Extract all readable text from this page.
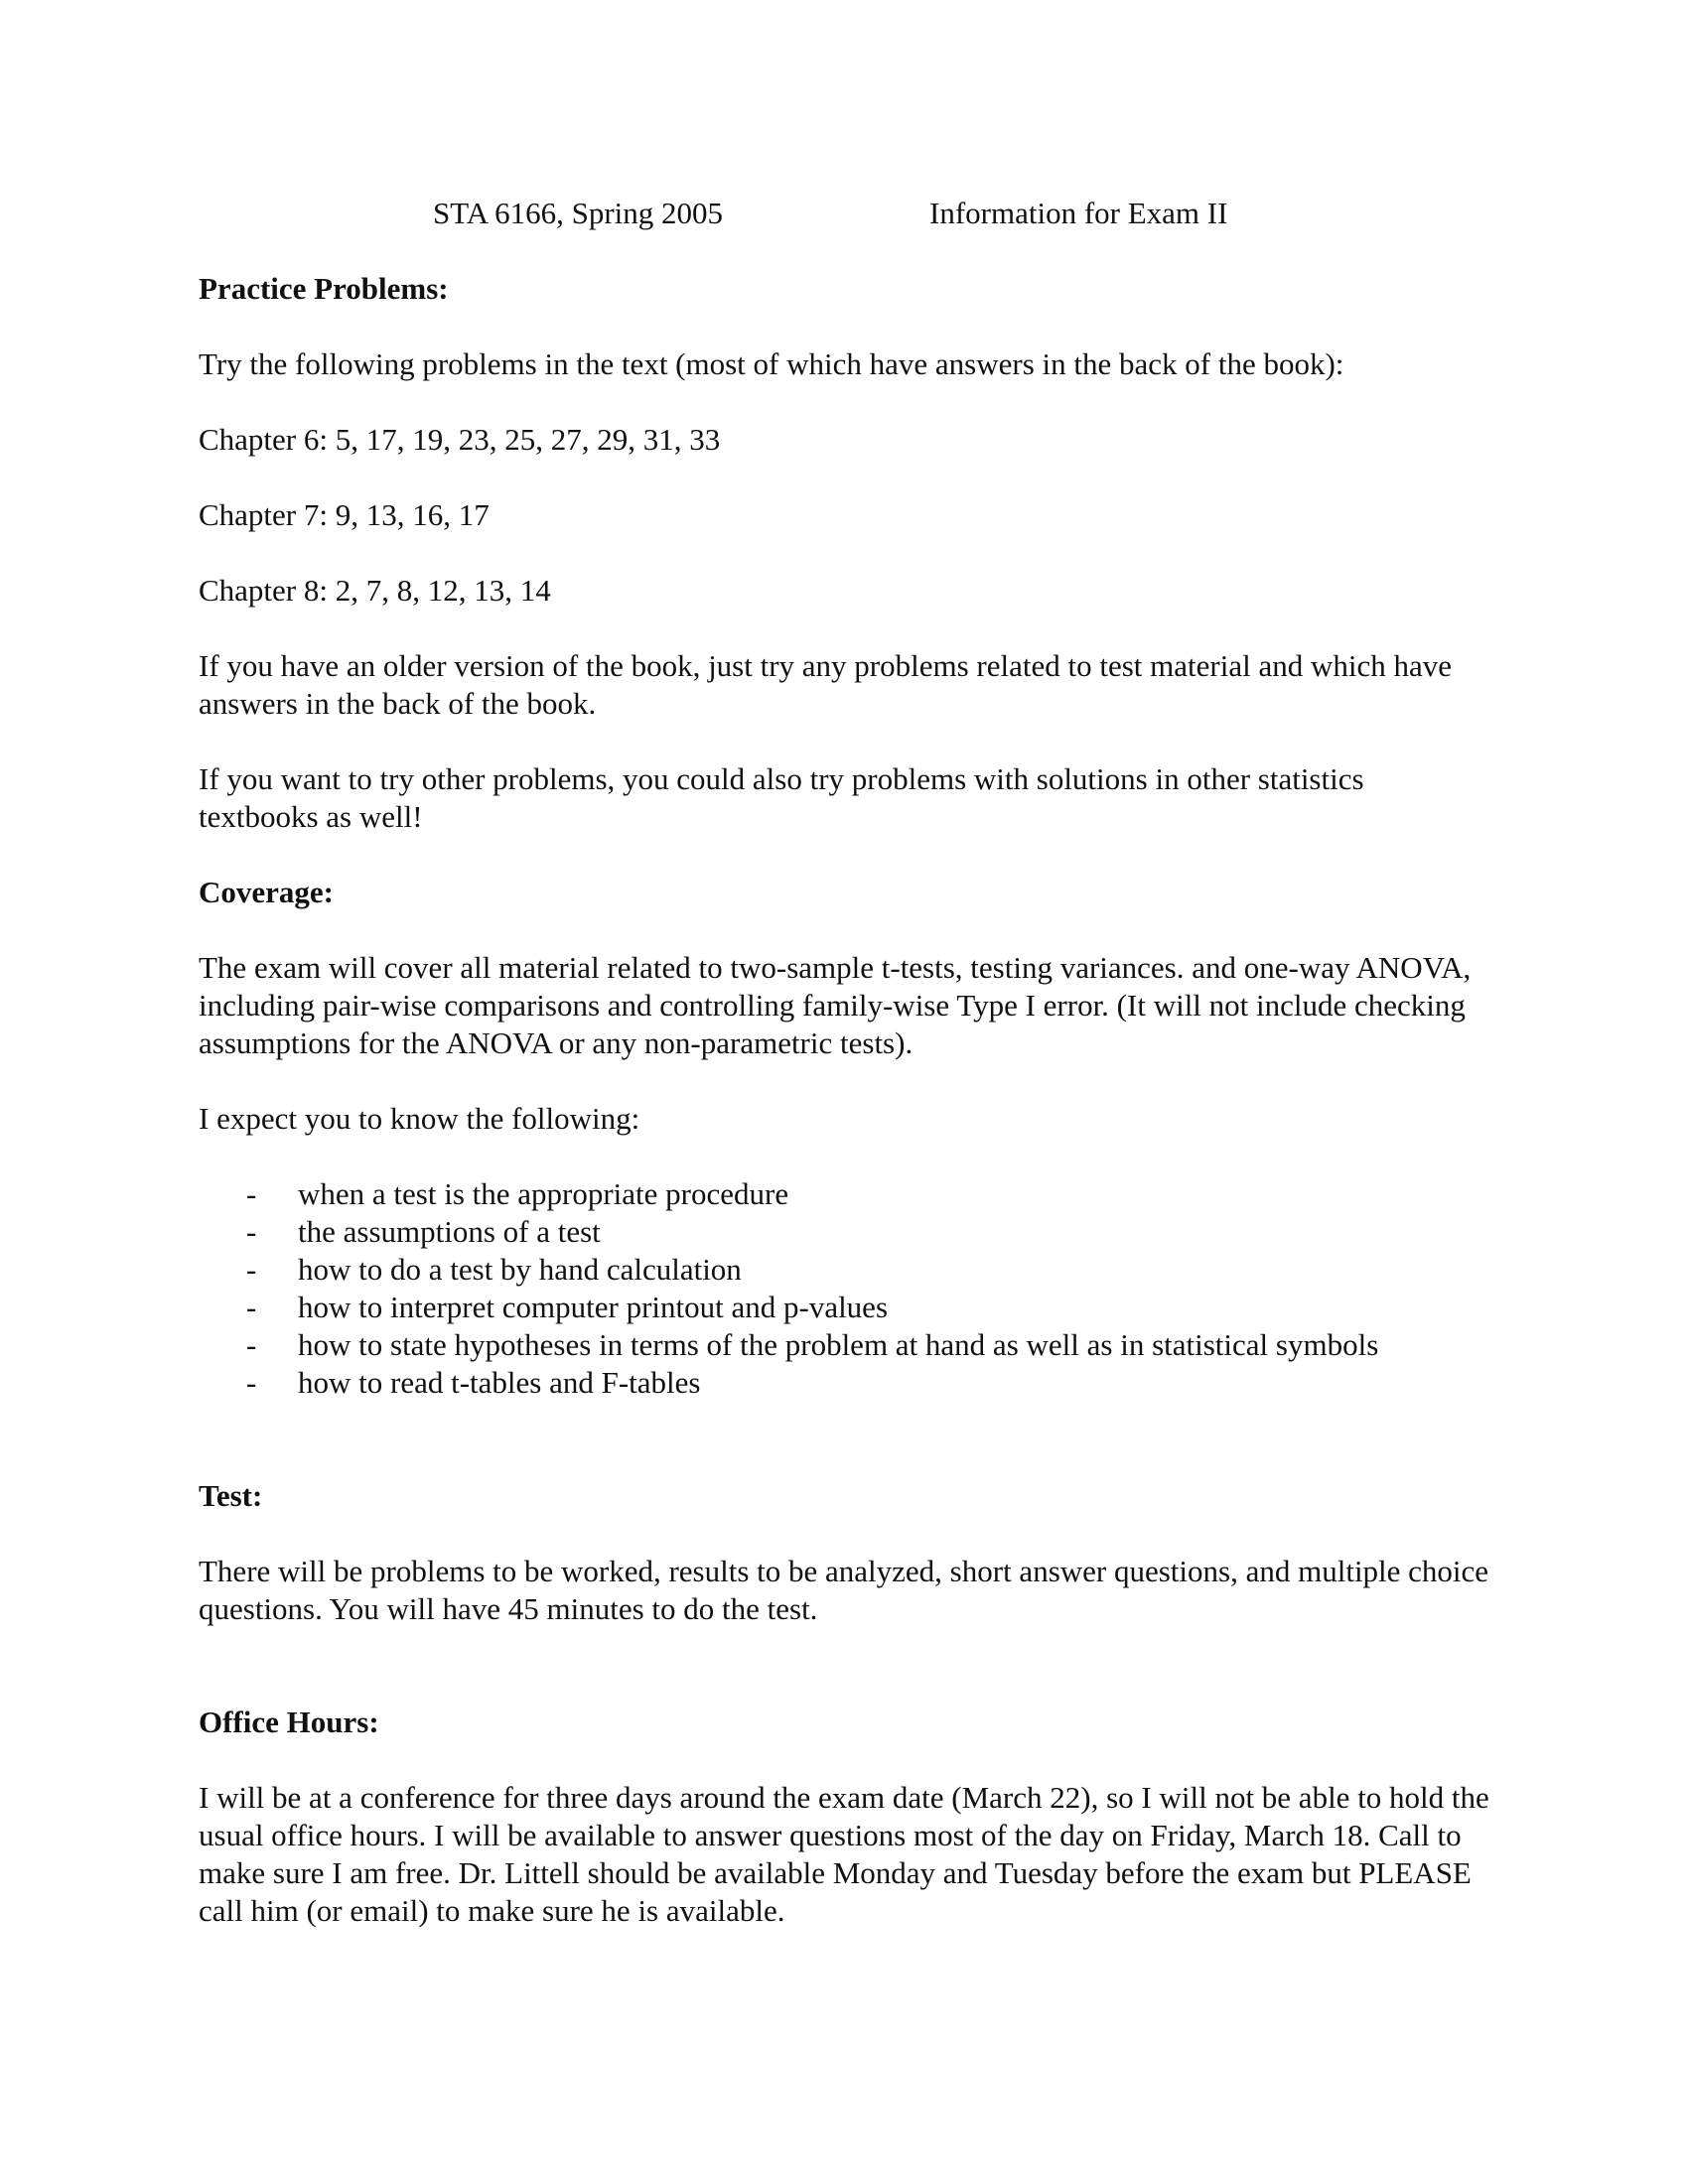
STA 6166, Spring 2005	Information for Exam II
Practice Problems:

Try the following problems in the text (most of which have answers in the back of the book):

Chapter 6: 5, 17, 19, 23, 25, 27, 29, 31, 33
Chapter 7: 9, 13, 16, 17
Chapter 8: 2, 7, 8, 12, 13, 14

If you have an older version of the book, just try any problems related to test material and which have answers in the back of the book.

If you want to try other problems, you could also try problems with solutions in other statistics textbooks as well!

Coverage:

The exam will cover all material related to two-sample t-tests, testing variances. and one-way ANOVA, including pair-wise comparisons and controlling family-wise Type I error. (It will not include checking assumptions for the ANOVA or any non-parametric tests).

I expect you to know the following:

- when a test is the appropriate procedure
- the assumptions of a test
- how to do a test by hand calculation
- how to interpret computer printout and p-values
- how to state hypotheses in terms of the problem at hand as well as in statistical symbols
- how to read t-tables and F-tables
Test:

There will be problems to be worked, results to be analyzed, short answer questions, and multiple choice questions. You will have 45 minutes to do the test.

Office Hours:

I will be at a conference for three days around the exam date (March 22), so I will not be able to hold the usual office hours. I will be available to answer questions most of the day on Friday, March 18. Call to make sure I am free. Dr. Littell should be available Monday and Tuesday before the exam but PLEASE call him (or email) to make sure he is available.
